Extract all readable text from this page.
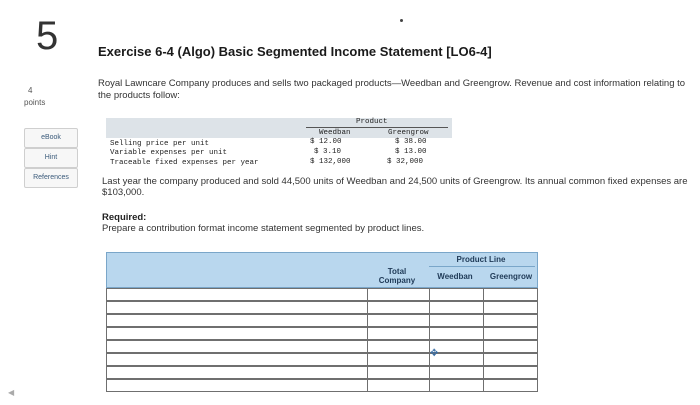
5
4
points
eBook
Hint
References
Exercise 6-4 (Algo) Basic Segmented Income Statement [LO6-4]
Royal Lawncare Company produces and sells two packaged products—Weedban and Greengrow. Revenue and cost information relating to the products follow:
Product
Weedban	Greengrow
Selling price per unit	$ 12.00	$ 38.00
Variable expenses per unit	$ 3.10	$ 13.00
Traceable fixed expenses per year	$ 132,000	$ 32,000
Last year the company produced and sold 44,500 units of Weedban and 24,500 units of Greengrow. Its annual common fixed expenses are $103,000.
Required:
Prepare a contribution format income statement segmented by product lines.
Product Line
Total Company	Weedban	Greengrow
✥
◀
